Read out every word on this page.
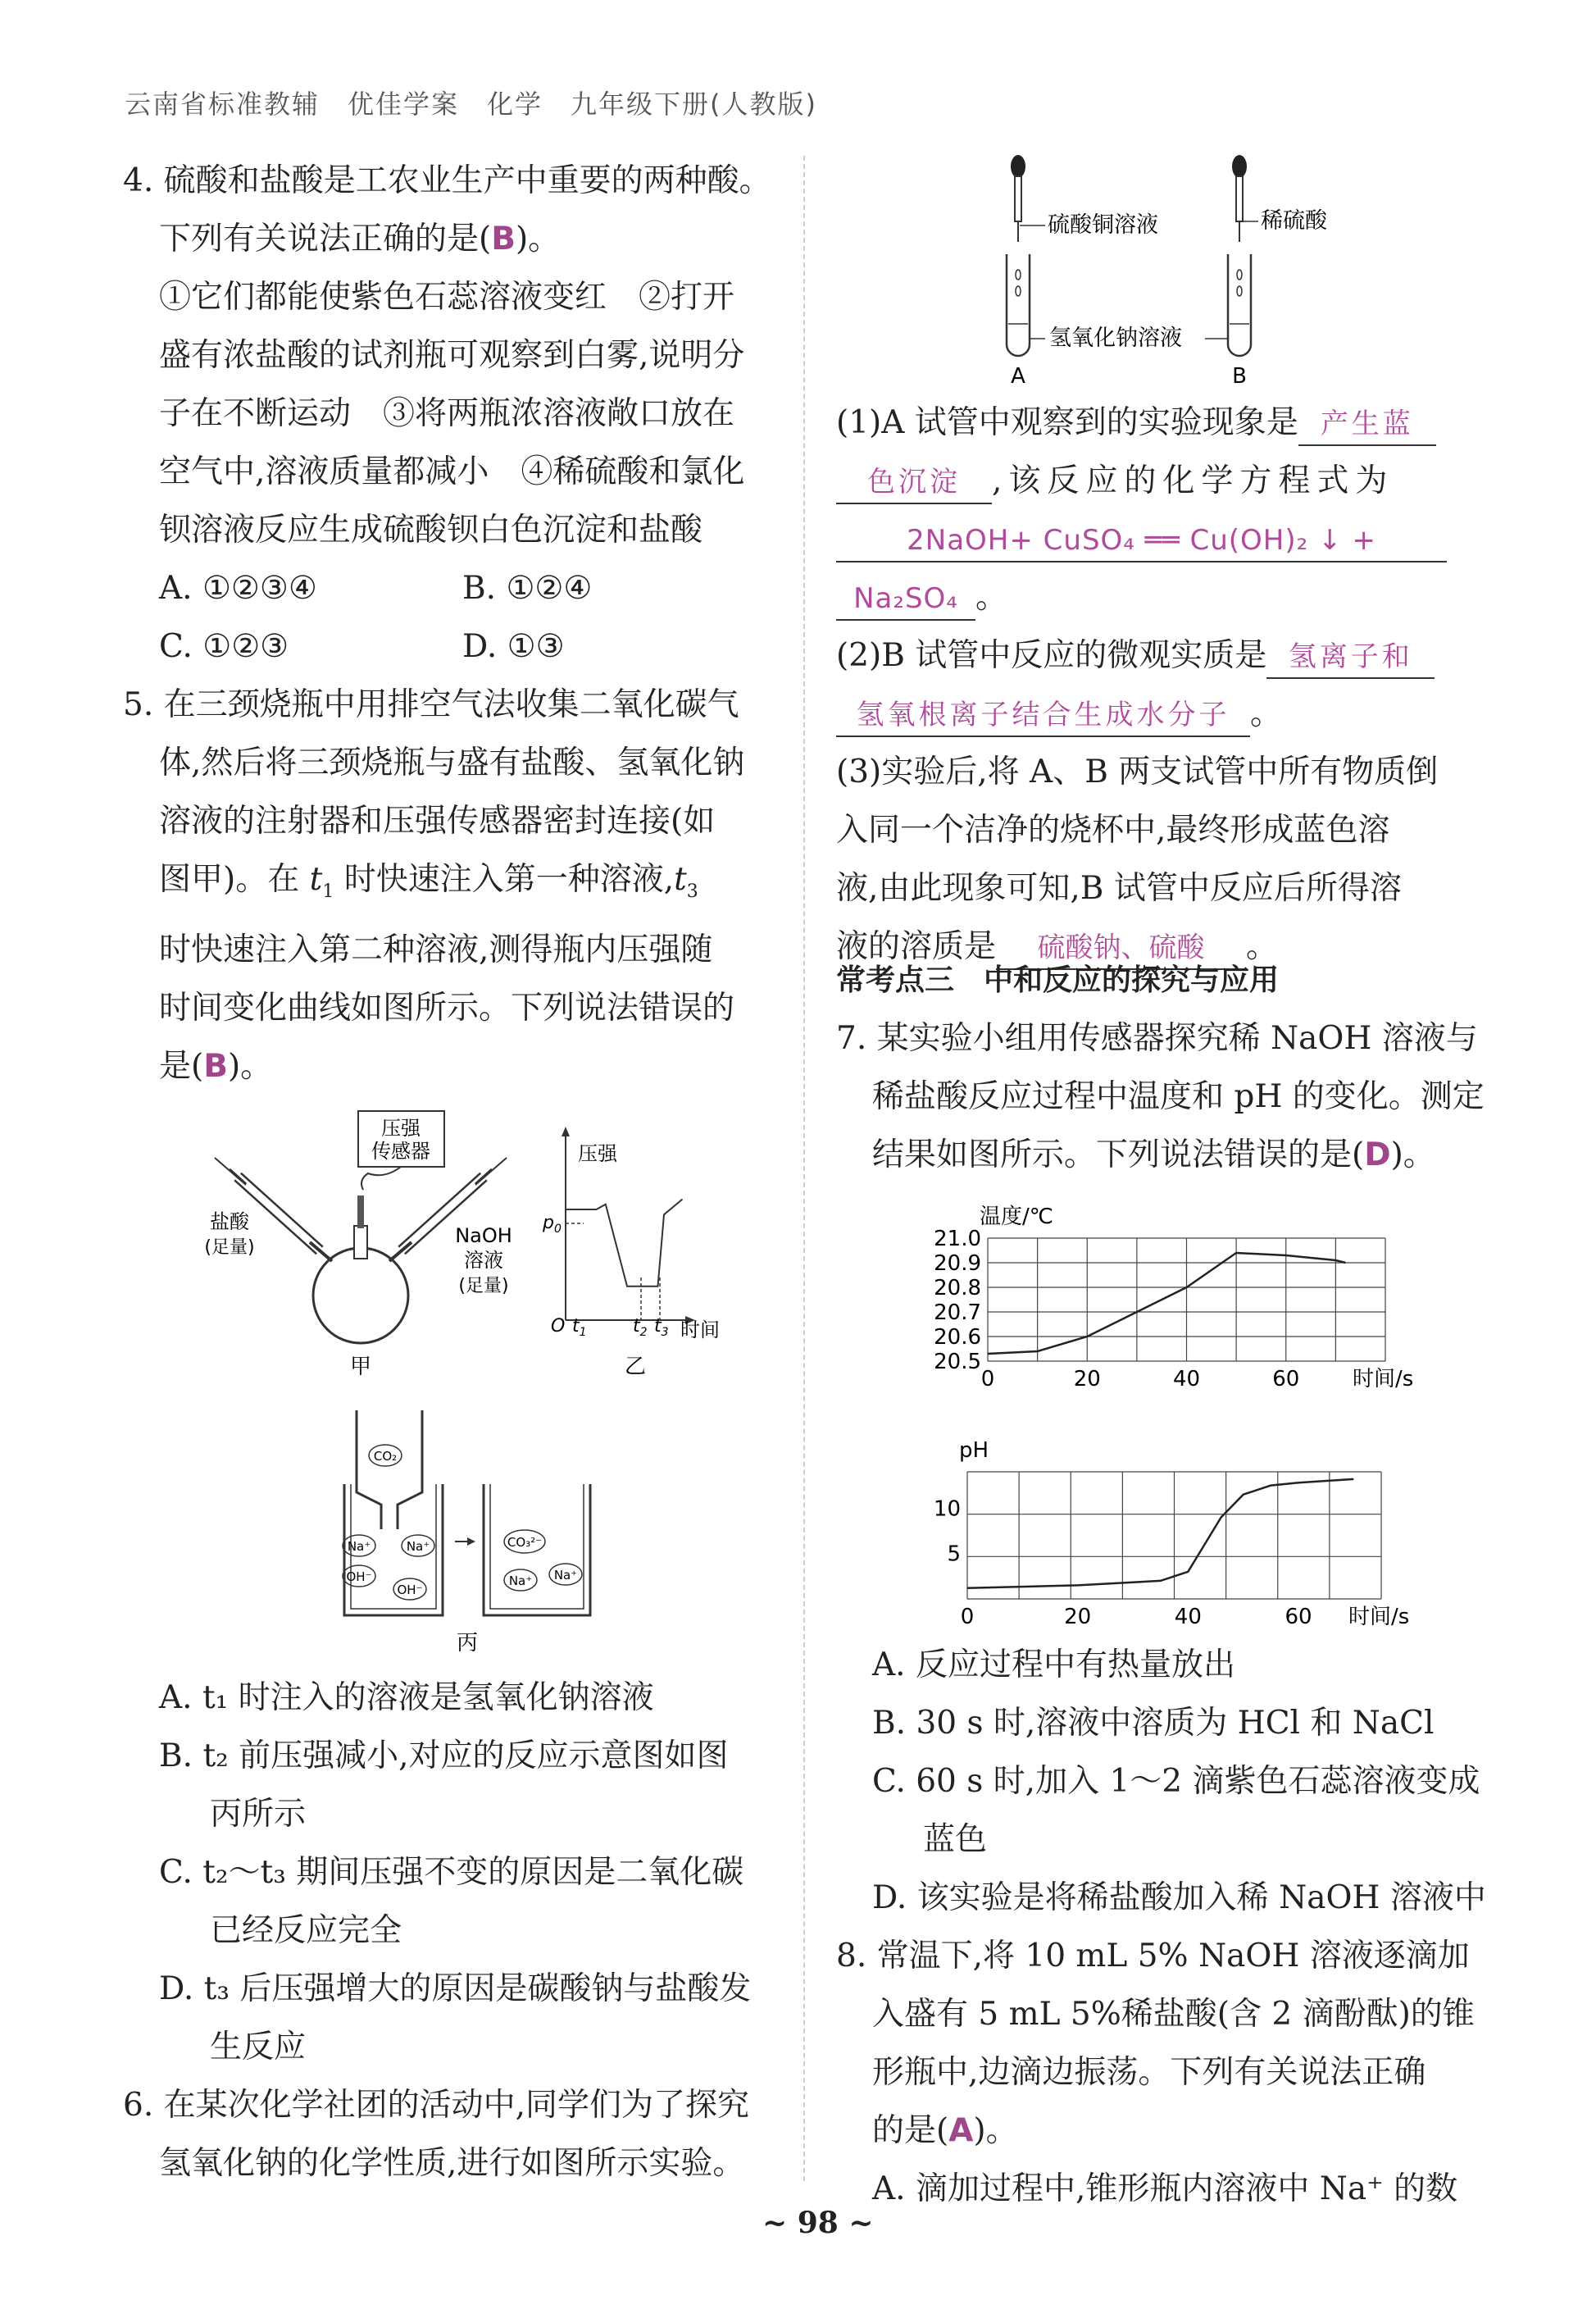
云南省标准教辅　优佳学案　化学　九年级下册(人教版)
4. 硫酸和盐酸是工农业生产中重要的两种酸。
下列有关说法正确的是(B)。
①它们都能使紫色石蕊溶液变红　②打开
盛有浓盐酸的试剂瓶可观察到白雾,说明分
子在不断运动　③将两瓶浓溶液敞口放在
空气中,溶液质量都减小　④稀硫酸和氯化
钡溶液反应生成硫酸钡白色沉淀和盐酸
A. ①②③④	B. ①②④
C. ①②③	D. ①③
5. 在三颈烧瓶中用排空气法收集二氧化碳气
体,然后将三颈烧瓶与盛有盐酸、氢氧化钠
溶液的注射器和压强传感器密封连接(如
图甲)。在 $t_1$ 时快速注入第一种溶液$,t_3$
时快速注入第二种溶液,测得瓶内压强随
时间变化曲线如图所示。下列说法错误的
是(B)。
压强
传感器
盐酸
(足量)
NaOH
溶液
(足量)
甲
压强
$p_0$
O $t_1$	$t_2$ $t_3$ 时间
乙
CO₂
Na⁺	Na⁺
OH⁻
OH⁻
CO₃²⁻
Na⁺ Na⁺
丙
A. t₁ 时注入的溶液是氢氧化钠溶液
B. t₂ 前压强减小,对应的反应示意图如图
丙所示
C. t₂～t₃ 期间压强不变的原因是二氧化碳
已经反应完全
D. t₃ 后压强增大的原因是碳酸钠与盐酸发
生反应
6. 在某次化学社团的活动中,同学们为了探究
氢氧化钠的化学性质,进行如图所示实验。
硫酸铜溶液
A
稀硫酸
B
氢氧化钠溶液
(1)A 试管中观察到的实验现象是 产生蓝
色沉淀 ,该反应的化学方程式为
2NaOH+ CuSO₄ ══ Cu(OH)₂ ↓ +
Na₂SO₄ 。
(2)B 试管中反应的微观实质是 氢离子和
氢氧根离子结合生成水分子 。
(3)实验后,将 A、B 两支试管中所有物质倒
入同一个洁净的烧杯中,最终形成蓝色溶
液,由此现象可知,B 试管中反应后所得溶
液的溶质是 硫酸钠、硫酸 。
常考点三　中和反应的探究与应用
7. 某实验小组用传感器探究稀 NaOH 溶液与
稀盐酸反应过程中温度和 pH 的变化。测定
结果如图所示。下列说法错误的是(D)。
0	20	40	60
20.5
20.6
20.7
20.8
20.9
21.0
时间/s
温度/℃
0	20	40	60
5
10
时间/s
pH
A. 反应过程中有热量放出
B. 30 s 时,溶液中溶质为 HCl 和 NaCl
C. 60 s 时,加入 1～2 滴紫色石蕊溶液变成
蓝色
D. 该实验是将稀盐酸加入稀 NaOH 溶液中
8. 常温下,将 10 mL 5% NaOH 溶液逐滴加
入盛有 5 mL 5%稀盐酸(含 2 滴酚酞)的锥
形瓶中,边滴边振荡。下列有关说法正确
的是(A)。
A. 滴加过程中,锥形瓶内溶液中 Na⁺ 的数
~ 98 ~
